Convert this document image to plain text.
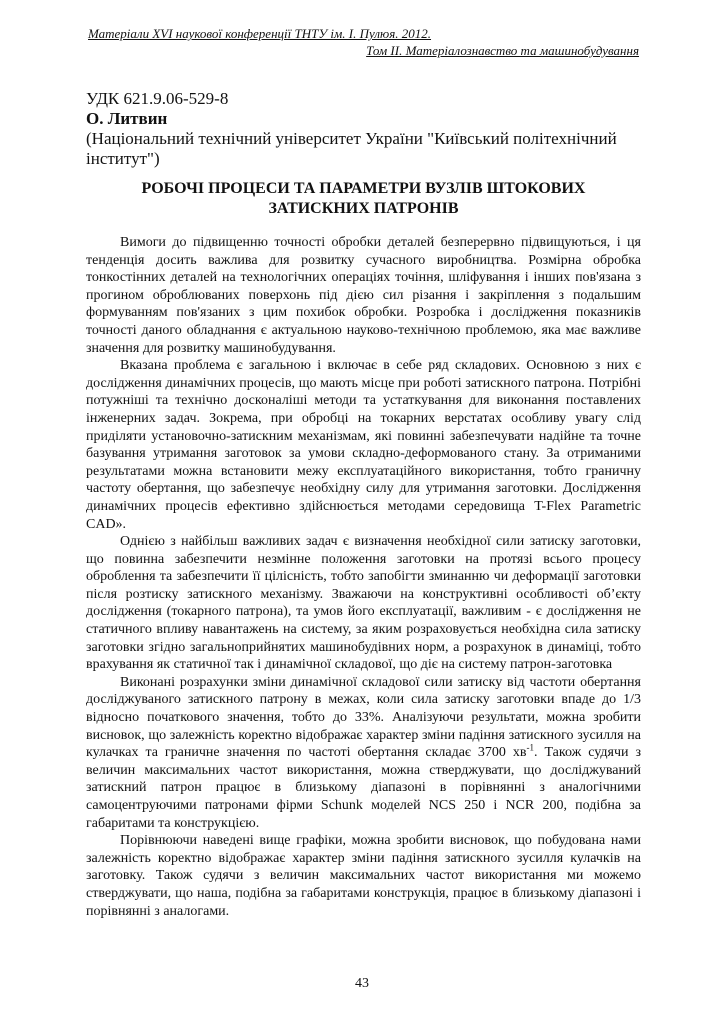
Матеріали XVI наукової конференції ТНТУ ім. І. Пулюя. 2012.
Том ІІ. Матеріалознавство та машинобудування
УДК 621.9.06-529-8
О. Литвин
(Національний технічний університет України "Київський політехнічний
інститут")
РОБОЧІ ПРОЦЕСИ ТА ПАРАМЕТРИ ВУЗЛІВ ШТОКОВИХ
ЗАТИСКНИХ ПАТРОНІВ

Вимоги до підвищенню точності обробки деталей безперервно підвищуються, і ця тенденція досить важлива для розвитку сучасного виробництва. Розмірна обробка тонкостінних деталей на технологічних операціях точіння, шліфування і інших пов'язана з прогином оброблюваних поверхонь під дією сил різання і закріплення з подальшим формуванням пов'язаних з цим похибок обробки. Розробка і дослідження показників точності даного обладнання є актуальною науково-технічною проблемою, яка має важливе значення для розвитку машинобудування.

Вказана проблема є загальною і включає в себе ряд складових. Основною з них є дослідження динамічних процесів, що мають місце при роботі затискного патрона. Потрібні потужніші та технічно досконаліші методи та устаткування для виконання поставлених інженерних задач. Зокрема, при обробці на токарних верстатах особливу увагу слід приділяти установочно-затискним механізмам, які повинні забезпечувати надійне та точне базування утримання заготовок за умови складно-деформованого стану. За отриманими результатами можна встановити межу експлуатаційного використання, тобто граничну частоту обертання, що забезпечує необхідну силу для утримання заготовки. Дослідження динамічних процесів ефективно здійснюється методами середовища T-Flex Parametric CAD».

Однією з найбільш важливих задач є визначення необхідної сили затиску заготовки, що повинна забезпечити незмінне положення заготовки на протязі всього процесу оброблення та забезпечити її цілісність, тобто запобігти зминанню чи деформації заготовки після розтиску затискного механізму. Зважаючи на конструктивні особливості об’єкту дослідження (токарного патрона), та умов його експлуатації, важливим - є дослідження не статичного впливу навантажень на систему, за яким розраховується необхідна сила затиску заготовки згідно загальноприйнятих машинобудівних норм, а розрахунок в динаміці, тобто врахування як статичної так і динамічної складової, що діє на систему патрон-заготовка

Виконані розрахунки зміни динамічної складової сили затиску від частоти обертання досліджуваного затискного патрону в межах, коли сила затиску заготовки впаде до 1/3 відносно початкового значення, тобто до 33%. Аналізуючи результати, можна зробити висновок, що залежність коректно відображає характер зміни падіння затискного зусилля на кулачках та граничне значення по частоті обертання складає 3700 $хв^{-1}$. Також судячи з величин максимальних частот використання, можна стверджувати, що досліджуваний затискний патрон працює в близькому діапазоні в порівнянні з аналогічними самоцентруючими патронами фірми Schunk моделей NCS 250 і NCR 200, подібна за габаритами та конструкцією.

Порівнюючи наведені вище графіки, можна зробити висновок, що побудована нами залежність коректно відображає характер зміни падіння затискного зусилля кулачків на заготовку. Також судячи з величин максимальних частот використання ми можемо стверджувати, що наша, подібна за габаритами конструкція, працює в близькому діапазоні і порівнянні з аналогами.

43
